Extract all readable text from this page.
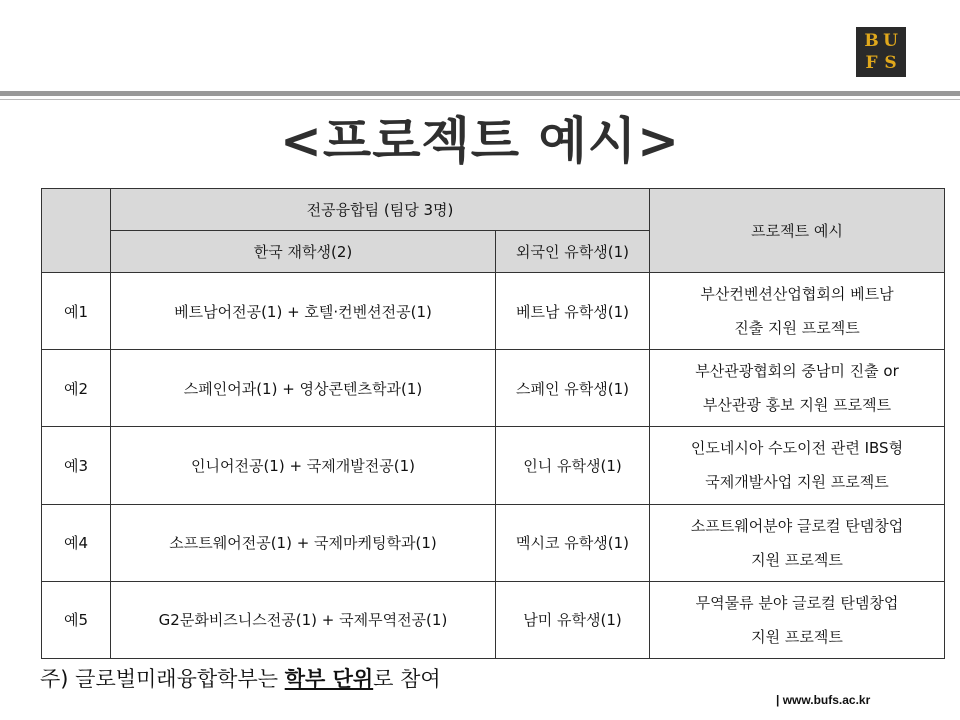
B U
F S
<프로젝트 예시>
	전공융합팀 (팀당 3명)		프로젝트 예시
	한국 재학생(2)	외국인 유학생(1)	
예1	베트남어전공(1) + 호텔·컨벤션전공(1)	베트남 유학생(1)	부산컨벤션산업협회의 베트남
진출 지원 프로젝트

예2	스페인어과(1) + 영상콘텐츠학과(1)	스페인 유학생(1)	부산관광협회의 중남미 진출 or
부산관광 홍보 지원 프로젝트

예3	인니어전공(1) + 국제개발전공(1)	인니 유학생(1)	인도네시아 수도이전 관련 IBS형
국제개발사업 지원 프로젝트

예4	소프트웨어전공(1) + 국제마케팅학과(1)	멕시코 유학생(1)	소프트웨어분야 글로컬 탄뎀창업
지원 프로젝트

예5	G2문화비즈니스전공(1) + 국제무역전공(1)	남미 유학생(1)	무역물류 분야 글로컬 탄뎀창업
지원 프로젝트

주) 글로벌미래융합학부는 학부 단위로 참여

| www.bufs.ac.kr
